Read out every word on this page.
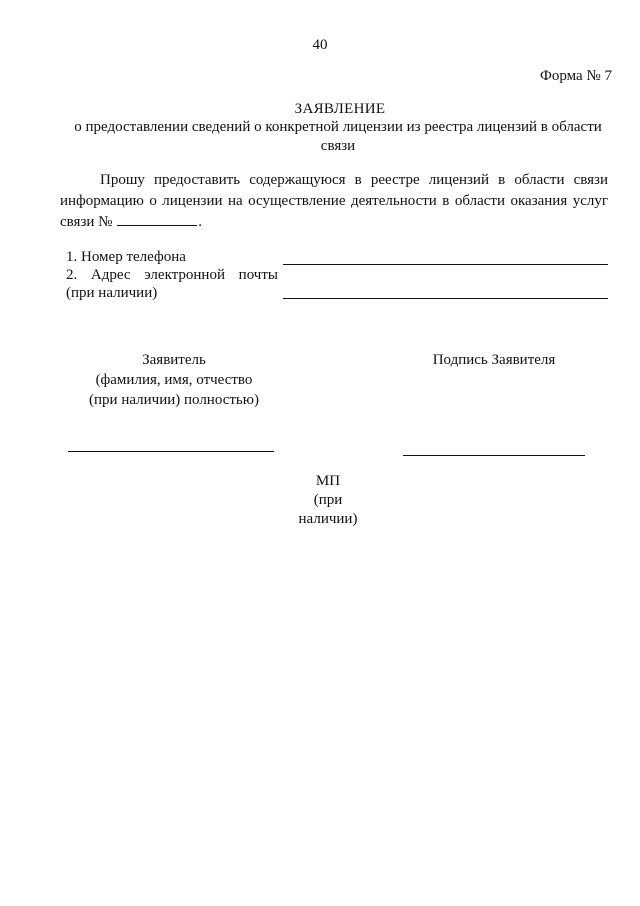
40
Форма № 7
ЗАЯВЛЕНИЕ
о предоставлении сведений о конкретной лицензии из реестра лицензий в области связи
Прошу предоставить содержащуюся в реестре лицензий в области связи информацию о лицензии на осуществление деятельности в области оказания услуг связи №	.
1. Номер телефона
2. Адрес электронной почты
(при наличии)
Заявитель
(фамилия, имя, отчество
(при наличии) полностью)
Подпись Заявителя
МП
(при
наличии)
